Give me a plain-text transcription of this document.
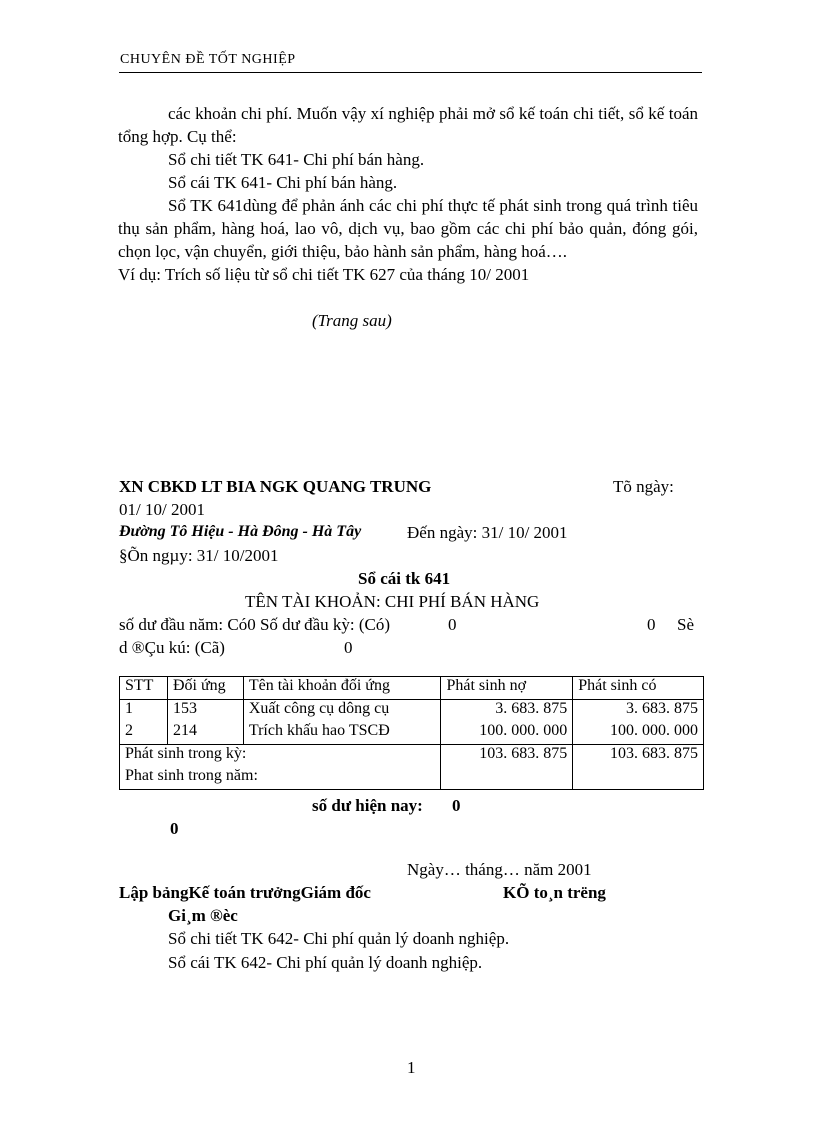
CHUYÊN ĐỀ TỐT NGHIỆP

các khoản chi phí. Muốn vậy xí nghiệp phải mở sổ kế toán chi tiết, sổ kế toán tổng hợp. Cụ thể:

Sổ chi tiết TK 641- Chi phí bán hàng.

Sổ cái TK 641- Chi phí bán hàng.

Sổ TK 641dùng để phản ánh các chi phí thực tế phát sinh trong quá trình tiêu thụ sản phẩm, hàng hoá, lao vô, dịch vụ, bao gồm các chi phí bảo quản, đóng gói, chọn lọc, vận chuyển, giới thiệu, bảo hành sản phẩm, hàng hoá….

Ví dụ: Trích số liệu từ sổ chi tiết TK 627 của tháng 10/ 2001

(Trang sau)
XN CBKD LT BIA NGK QUANG TRUNG	Tõ ngày:
01/ 10/ 2001
Đường Tô Hiệu - Hà Đông - Hà Tây	Đến ngày: 31/ 10/ 2001
§Õn ngµy: 31/ 10/2001
Sổ cái tk 641
TÊN TÀI KHOẢN: CHI PHÍ BÁN HÀNG
số dư đầu năm: Có0 Số dư đầu kỳ: (Có)	0	0 Sè
d ®Çu kú: (Cã)	0
STT	Đối ứng	Tên tài khoản đối ứng	Phát sinh nợ	Phát sinh có
1	153	Xuất công cụ dông cụ	3. 683. 875	3. 683. 875
2	214	Trích khấu hao TSCĐ	100. 000. 000	100. 000. 000
Phát sinh trong kỳ:			103. 683. 875	103. 683. 875
Phat sinh trong năm:				
số dư hiện nay: 0
0
Ngày… tháng… năm 2001
Lập bảngKế toán trưởngGiám đốc	KÕ to¸n trëng
Gi¸m ®èc
Sổ chi tiết TK 642- Chi phí quản lý doanh nghiệp.
Sổ cái TK 642- Chi phí quản lý doanh nghiệp.
1
